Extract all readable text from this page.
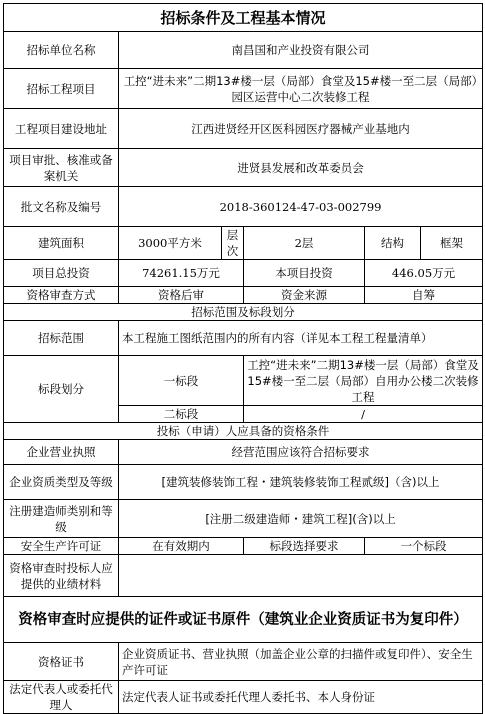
招标条件及工程基本情况					
招标单位名称	南昌国和产业投资有限公司				
招标工程项目	工控“进未来”二期13#楼一层（局部）食堂及15#楼一至二层（局部）园区运营中心二次装修工程				
工程项目建设地址	江西进贤经开区医科园医疗器械产业基地内				
项目审批、核准或备案机关	进贤县发展和改革委员会				
批文名称及编号	2018-360124-47-03-002799				
建筑面积	3000平方米	层次	2层	结构	框架
项目总投资	74261.15万元		本项目投资	446.05万元	
资格审查方式	资格后审		资金来源	自筹	
招标范围及标段划分					
招标范围	本工程施工图纸范围内的所有内容（详见本工程工程量清单）				
标段划分	一标段		工控“进未来”二期13#楼一层（局部）食堂及15#楼一至二层（局部）自用办公楼二次装修工程		
	二标段		/		
投标（申请）人应具备的资格条件					
企业营业执照	经营范围应该符合招标要求				
企业资质类型及等级	[建筑装修装饰工程・建筑装修装饰工程贰级]（含)以上				
注册建造师类别和等级	[注册二级建造师・建筑工程](含)以上				
安全生产许可证	在有效期内		标段选择要求	一个标段	
资格审查时投标人应提供的业绩材料					
资格审查时应提供的证件或证书原件（建筑业企业资质证书为复印件）					
资格证书	企业资质证书、营业执照（加盖企业公章的扫描件或复印件）、安全生产许可证				
法定代表人或委托代理人	法定代表人证书或委托代理人委托书、本人身份证				
